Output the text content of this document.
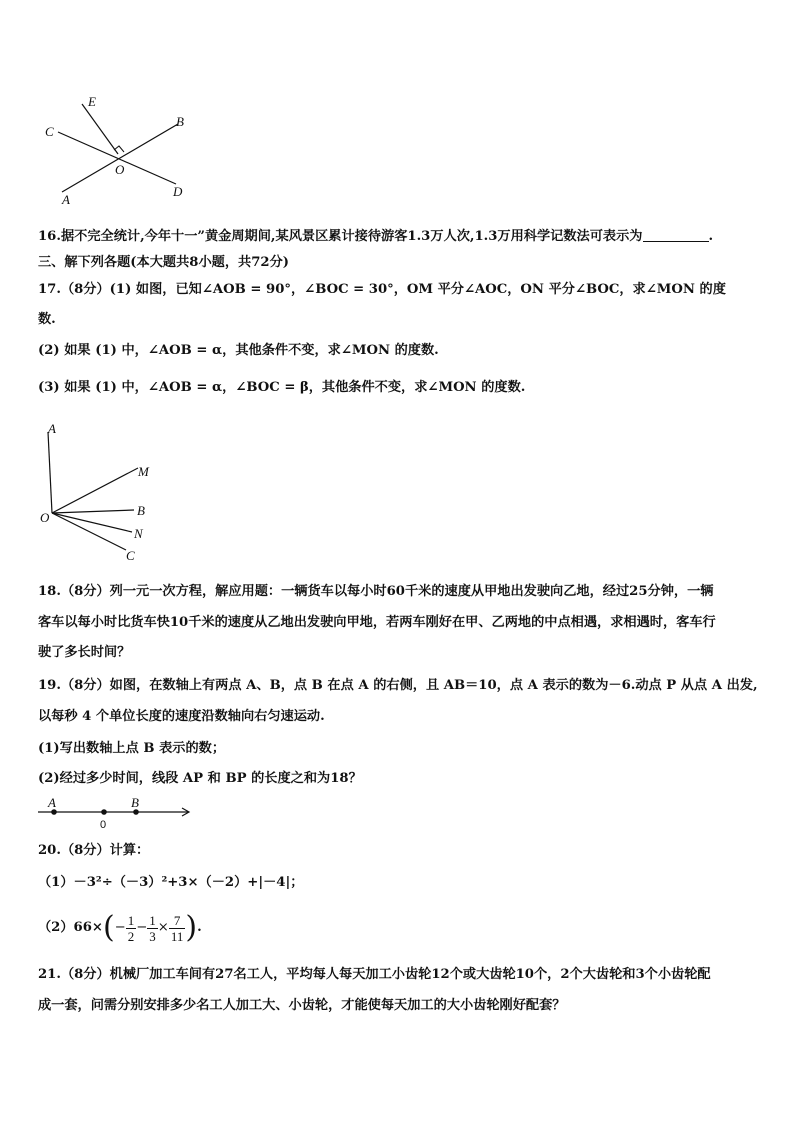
E
B
C
O
A
D
16.据不完全统计,今年十一”黄金周期间,某风景区累计接待游客1.3万人次,1.3万用科学记数法可表示为	.
三、解下列各题(本大题共8小题，共72分)
17.（8分）(1) 如图，已知∠AOB = 90°，∠BOC = 30°，OM 平分∠AOC，ON 平分∠BOC，求∠MON 的度
数.
(2) 如果 (1) 中，∠AOB = α，其他条件不变，求∠MON 的度数.
(3) 如果 (1) 中，∠AOB = α，∠BOC = β，其他条件不变，求∠MON 的度数.
A
M
O	B
N
C
18.（8分）列一元一次方程，解应用题：一辆货车以每小时60千米的速度从甲地出发驶向乙地，经过25分钟，一辆
客车以每小时比货车快10千米的速度从乙地出发驶向甲地，若两车刚好在甲、乙两地的中点相遇，求相遇时，客车行
驶了多长时间？
19.（8分）如图，在数轴上有两点 A、B，点 B 在点 A 的右侧，且 AB＝10，点 A 表示的数为－6.动点 P 从点 A 出发,
以每秒 4 个单位长度的速度沿数轴向右匀速运动.
(1)写出数轴上点 B 表示的数；
(2)经过多少时间，线段 AP 和 BP 的长度之和为18？
A	B
0
20.（8分）计算：
（1）－3²÷（－3）²+3×（－2）+|－4|；
（2）66× ( − $\frac{1}{2} - \frac{1}{3} \times \frac{7}{11}$ ) .
21.（8分）机械厂加工车间有27名工人，平均每人每天加工小齿轮12个或大齿轮10个，2个大齿轮和3个小齿轮配
成一套，问需分别安排多少名工人加工大、小齿轮，才能使每天加工的大小齿轮刚好配套？
